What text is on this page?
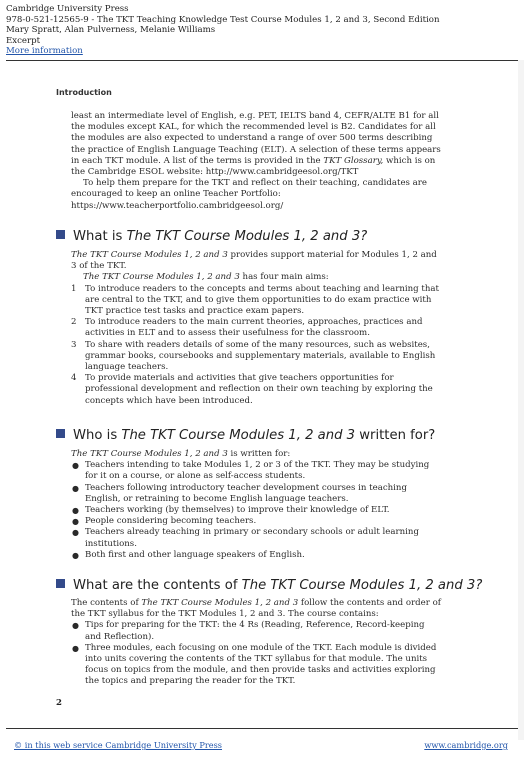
Cambridge University Press
978-0-521-12565-9 - The TKT Teaching Knowledge Test Course Modules 1, 2 and 3, Second Edition
Mary Spratt, Alan Pulverness, Melanie Williams
Excerpt
More information
Introduction

least an intermediate level of English, e.g. PET, IELTS band 4, CEFR/ALTE B1 for all the modules except KAL, for which the recommended level is B2. Candidates for all the modules are also expected to understand a range of over 500 terms describing the practice of English Language Teaching (ELT). A selection of these terms appears in each TKT module. A list of the terms is provided in the TKT Glossary, which is on the Cambridge ESOL website: http://www.cambridgeesol.org/TKT

To help them prepare for the TKT and reflect on their teaching, candidates are encouraged to keep an online Teacher Portfolio: https://www.teacherportfolio.cambridgeesol.org/

What is The TKT Course Modules 1, 2 and 3?

The TKT Course Modules 1, 2 and 3 provides support material for Modules 1, 2 and 3 of the TKT.

The TKT Course Modules 1, 2 and 3 has four main aims:

1 To introduce readers to the concepts and terms about teaching and learning that are central to the TKT, and to give them opportunities to do exam practice with TKT practice test tasks and practice exam papers.
2 To introduce readers to the main current theories, approaches, practices and activities in ELT and to assess their usefulness for the classroom.
3 To share with readers details of some of the many resources, such as websites, grammar books, coursebooks and supplementary materials, available to English language teachers.
4 To provide materials and activities that give teachers opportunities for professional development and reflection on their own teaching by exploring the concepts which have been introduced.
Who is The TKT Course Modules 1, 2 and 3 written for?

The TKT Course Modules 1, 2 and 3 is written for:

● Teachers intending to take Modules 1, 2 or 3 of the TKT. They may be studying for it on a course, or alone as self-access students.
● Teachers following introductory teacher development courses in teaching English, or retraining to become English language teachers.
● Teachers working (by themselves) to improve their knowledge of ELT.
● People considering becoming teachers.
● Teachers already teaching in primary or secondary schools or adult learning institutions.
● Both first and other language speakers of English.
What are the contents of The TKT Course Modules 1, 2 and 3?

The contents of The TKT Course Modules 1, 2 and 3 follow the contents and order of the TKT syllabus for the TKT Modules 1, 2 and 3. The course contains:

● Tips for preparing for the TKT: the 4 Rs (Reading, Reference, Record-keeping and Reflection).
● Three modules, each focusing on one module of the TKT. Each module is divided into units covering the contents of the TKT syllabus for that module. The units focus on topics from the module, and then provide tasks and activities exploring the topics and preparing the reader for the TKT.
2
© in this web service Cambridge University Press	www.cambridge.org
